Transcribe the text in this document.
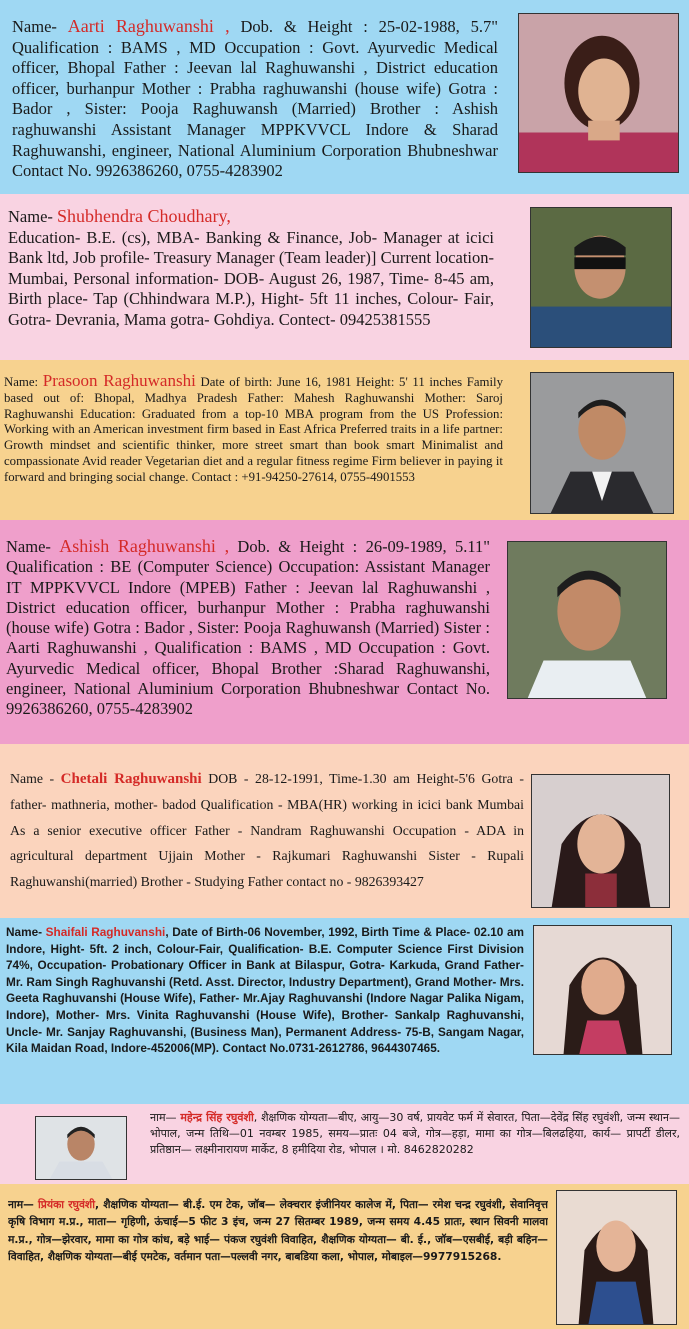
Name- Aarti Raghuwanshi , Dob. & Height : 25-02-1988, 5.7" Qualification : BAMS , MD Occupation : Govt. Ayurvedic Medical officer, Bhopal Father : Jeevan lal Raghuwanshi , District education officer, burhanpur Mother : Prabha raghuwanshi (house wife) Gotra : Bador , Sister: Pooja Raghuwansh (Married) Brother : Ashish raghuwanshi Assistant Manager MPPKVVCL Indore & Sharad Raghuwanshi, engineer, National Aluminium Corporation Bhubneshwar Contact No. 9926386260, 0755-4283902
Name- Shubhendra Choudhary,
Education- B.E. (cs), MBA- Banking & Finance, Job- Manager at icici Bank ltd, Job profile- Treasury Manager (Team leader)] Current location- Mumbai, Personal information- DOB- August 26, 1987, Time- 8-45 am, Birth place- Tap (Chhindwara M.P.), Hight- 5ft 11 inches, Colour- Fair, Gotra- Devrania, Mama gotra- Gohdiya. Contect- 09425381555
Name: Prasoon Raghuwanshi Date of birth: June 16, 1981 Height: 5' 11 inches Family based out of: Bhopal, Madhya Pradesh Father: Mahesh Raghuwanshi Mother: Saroj Raghuwanshi Education: Graduated from a top-10 MBA program from the US Profession: Working with an American investment firm based in East Africa Preferred traits in a life partner: Growth mindset and scientific thinker, more street smart than book smart Minimalist and compassionate Avid reader Vegetarian diet and a regular fitness regime Firm believer in paying it forward and bringing social change. Contact : +91-94250-27614, 0755-4901553
Name- Ashish Raghuwanshi , Dob. & Height : 26-09-1989, 5.11" Qualification : BE (Computer Science) Occupation: Assistant Manager IT MPPKVVCL Indore (MPEB) Father : Jeevan lal Raghuwanshi , District education officer, burhanpur Mother : Prabha raghuwanshi (house wife) Gotra : Bador , Sister: Pooja Raghuwansh (Married) Sister : Aarti Raghuwanshi , Qualification : BAMS , MD Occupation : Govt. Ayurvedic Medical officer, Bhopal Brother :Sharad Raghuwanshi, engineer, National Aluminium Corporation Bhubneshwar Contact No. 9926386260, 0755-4283902
Name - Chetali Raghuwanshi DOB - 28-12-1991, Time-1.30 am Height-5'6 Gotra - father- mathneria, mother- badod Qualification - MBA(HR) working in icici bank Mumbai As a senior executive officer Father - Nandram Raghuwanshi Occupation - ADA in agricultural department Ujjain Mother - Rajkumari Raghuwanshi Sister - Rupali Raghuwanshi(married) Brother - Studying Father contact no - 9826393427
Name- Shaifali Raghuvanshi, Date of Birth-06 November, 1992, Birth Time & Place- 02.10 am Indore, Hight- 5ft. 2 inch, Colour-Fair, Qualification- B.E. Computer Science First Division 74%, Occupation- Probationary Officer in Bank at Bilaspur, Gotra- Karkuda, Grand Father- Mr. Ram Singh Raghuvanshi (Retd. Asst. Director, Industry Department), Grand Mother- Mrs. Geeta Raghuvanshi (House Wife), Father- Mr.Ajay Raghuvanshi (Indore Nagar Palika Nigam, Indore), Mother- Mrs. Vinita Raghuvanshi (House Wife), Brother- Sankalp Raghuvanshi, Uncle- Mr. Sanjay Raghuvanshi, (Business Man), Permanent Address- 75-B, Sangam Nagar, Kila Maidan Road, Indore-452006(MP). Contact No.0731-2612786, 9644307465.
नाम— महेन्द्र सिंह रघुवंशी, शैक्षणिक योग्यता—बीए, आयु—30 वर्ष, प्रायवेट फर्म में सेवारत, पिता—देवेंद्र सिंह रघुवंशी, जन्म स्थान—भोपाल, जन्म तिथि—01 नवम्बर 1985, समय—प्रातः 04 बजे, गोत्र—हड़ा, मामा का गोत्र—बिलढहिया, कार्य— प्रापर्टी डीलर, प्रतिष्ठान— लक्ष्मीनारायण मार्केट, 8 हमीदिया रोड, भोपाल । मो. 8462820282
नाम— प्रियंका रघुवंशी, शैक्षणिक योग्यता— बी.ई. एम टेक, जॉब— लेक्चरार इंजीनियर कालेज में, पिता— रमेश चन्द्र रघुवंशी, सेवानिवृत्त कृषि विभाग म.प्र., माता— गृहिणी, ऊंचाई—5 फीट 3 इंच, जन्म 27 सितम्बर 1989, जन्म समय 4.45 प्रातः, स्थान सिवनी मालवा म.प्र., गोत्र—झेरवार, मामा का गोत्र कांध, बड़े भाई— पंकज रघुवंशी विवाहित, शैक्षणिक योग्यता— बी. ई., जॉब—एसबीई, बड़ी बहिन— विवाहित, शैक्षणिक योग्यता—बीई एमटेक, वर्तमान पता—पल्लवी नगर, बाबडिया कला, भोपाल, मोबाइल—9977915268.
